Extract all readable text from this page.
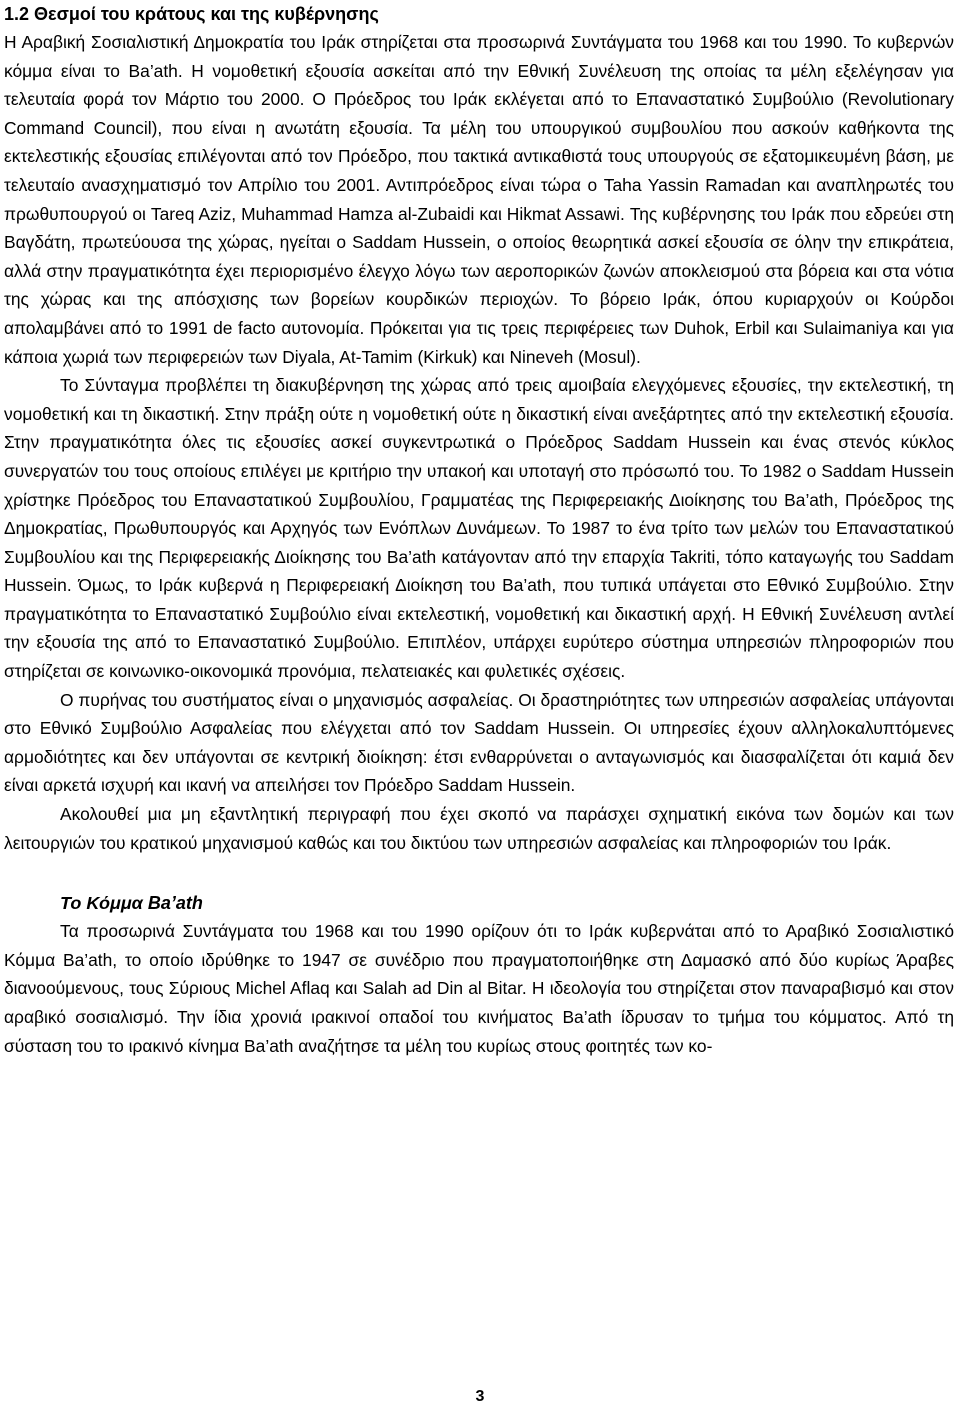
1.2 Θεσμοί του κράτους και της κυβέρνησης

Η Αραβική Σοσιαλιστική Δημοκρατία του Ιράκ στηρίζεται στα προσωρινά Συντάγματα του 1968 και του 1990. Το κυβερνών κόμμα είναι το Ba’ath. Η νομοθετική εξουσία ασκείται από την Εθνική Συνέλευση της οποίας τα μέλη εξελέγησαν για τελευταία φορά τον Μάρτιο του 2000. Ο Πρόεδρος του Ιράκ εκλέγεται από το Επαναστατικό Συμβούλιο (Revolutionary Command Council), που είναι η ανωτάτη εξουσία. Τα μέλη του υπουργικού συμβουλίου που ασκούν καθήκοντα της εκτελεστικής εξουσίας επιλέγονται από τον Πρόεδρο, που τακτικά αντικαθιστά τους υπουργούς σε εξατομικευμένη βάση, με τελευταίο ανασχηματισμό τον Απρίλιο του 2001. Αντιπρόεδρος είναι τώρα ο Taha Yassin Ramadan και αναπληρωτές του πρωθυπουργού οι Tareq Aziz, Muhammad Hamza al-Zubaidi και Hikmat Assawi. Της κυβέρνησης του Ιράκ που εδρεύει στη Βαγδάτη, πρωτεύουσα της χώρας, ηγείται ο Saddam Hussein, ο οποίος θεωρητικά ασκεί εξουσία σε όλην την επικράτεια, αλλά στην πραγματικότητα έχει περιορισμένο έλεγχο λόγω των αεροπορικών ζωνών αποκλεισμού στα βόρεια και στα νότια της χώρας και της απόσχισης των βορείων κουρδικών περιοχών. Το βόρειο Ιράκ, όπου κυριαρχούν οι Κούρδοι απολαμβάνει από το 1991 de facto αυτονομία. Πρόκειται για τις τρεις περιφέρειες των Duhok, Erbil και Sulaimaniya και για κάποια χωριά των περιφερειών των Diyala, At-Tamim (Kirkuk) και Nineveh (Mosul).

Το Σύνταγμα προβλέπει τη διακυβέρνηση της χώρας από τρεις αμοιβαία ελεγχόμενες εξουσίες, την εκτελεστική, τη νομοθετική και τη δικαστική. Στην πράξη ούτε η νομοθετική ούτε η δικαστική είναι ανεξάρτητες από την εκτελεστική εξουσία. Στην πραγματικότητα όλες τις εξουσίες ασκεί συγκεντρωτικά ο Πρόεδρος Saddam Hussein και ένας στενός κύκλος συνεργατών του τους οποίους επιλέγει με κριτήριο την υπακοή και υποταγή στο πρόσωπό του. Το 1982 ο Saddam Hussein χρίστηκε Πρόεδρος του Επαναστατικού Συμβουλίου, Γραμματέας της Περιφερειακής Διοίκησης του Ba’ath, Πρόεδρος της Δημοκρατίας, Πρωθυπουργός και Αρχηγός των Ενόπλων Δυνάμεων. Το 1987 το ένα τρίτο των μελών του Επαναστατικού Συμβουλίου και της Περιφερειακής Διοίκησης του Ba’ath κατάγονταν από την επαρχία Takriti, τόπο καταγωγής του Saddam Hussein. Όμως, το Ιράκ κυβερνά η Περιφερειακή Διοίκηση του Ba’ath, που τυπικά υπάγεται στο Εθνικό Συμβούλιο. Στην πραγματικότητα το Επαναστατικό Συμβούλιο είναι εκτελεστική, νομοθετική και δικαστική αρχή. Η Εθνική Συνέλευση αντλεί την εξουσία της από το Επαναστατικό Συμβούλιο. Επιπλέον, υπάρχει ευρύτερο σύστημα υπηρεσιών πληροφοριών που στηρίζεται σε κοινωνικο-οικονομικά προνόμια, πελατειακές και φυλετικές σχέσεις.

Ο πυρήνας του συστήματος είναι ο μηχανισμός ασφαλείας. Οι δραστηριότητες των υπηρεσιών ασφαλείας υπάγονται στο Εθνικό Συμβούλιο Ασφαλείας που ελέγχεται από τον Saddam Hussein. Οι υπηρεσίες έχουν αλληλοκαλυπτόμενες αρμοδιότητες και δεν υπάγονται σε κεντρική διοίκηση: έτσι ενθαρρύνεται ο ανταγωνισμός και διασφαλίζεται ότι καμιά δεν είναι αρκετά ισχυρή και ικανή να απειλήσει τον Πρόεδρο Saddam Hussein.

Ακολουθεί μια μη εξαντλητική περιγραφή που έχει σκοπό να παράσχει σχηματική εικόνα των δομών και των λειτουργιών του κρατικού μηχανισμού καθώς και του δικτύου των υπηρεσιών ασφαλείας και πληροφοριών του Ιράκ.

Το Κόμμα Ba’ath

Τα προσωρινά Συντάγματα του 1968 και του 1990 ορίζουν ότι το Ιράκ κυβερνάται από το Αραβικό Σοσιαλιστικό Κόμμα Ba’ath, το οποίο ιδρύθηκε το 1947 σε συνέδριο που πραγματοποιήθηκε στη Δαμασκό από δύο κυρίως Άραβες διανοούμενους, τους Σύριους Michel Aflaq και Salah ad Din al Bitar. Η ιδεολογία του στηρίζεται στον παναραβισμό και στον αραβικό σοσιαλισμό. Την ίδια χρονιά ιρακινοί οπαδοί του κινήματος Ba’ath ίδρυσαν το τμήμα του κόμματος. Από τη σύσταση του το ιρακινό κίνημα Ba’ath αναζήτησε τα μέλη του κυρίως στους φοιτητές των κο-

3
